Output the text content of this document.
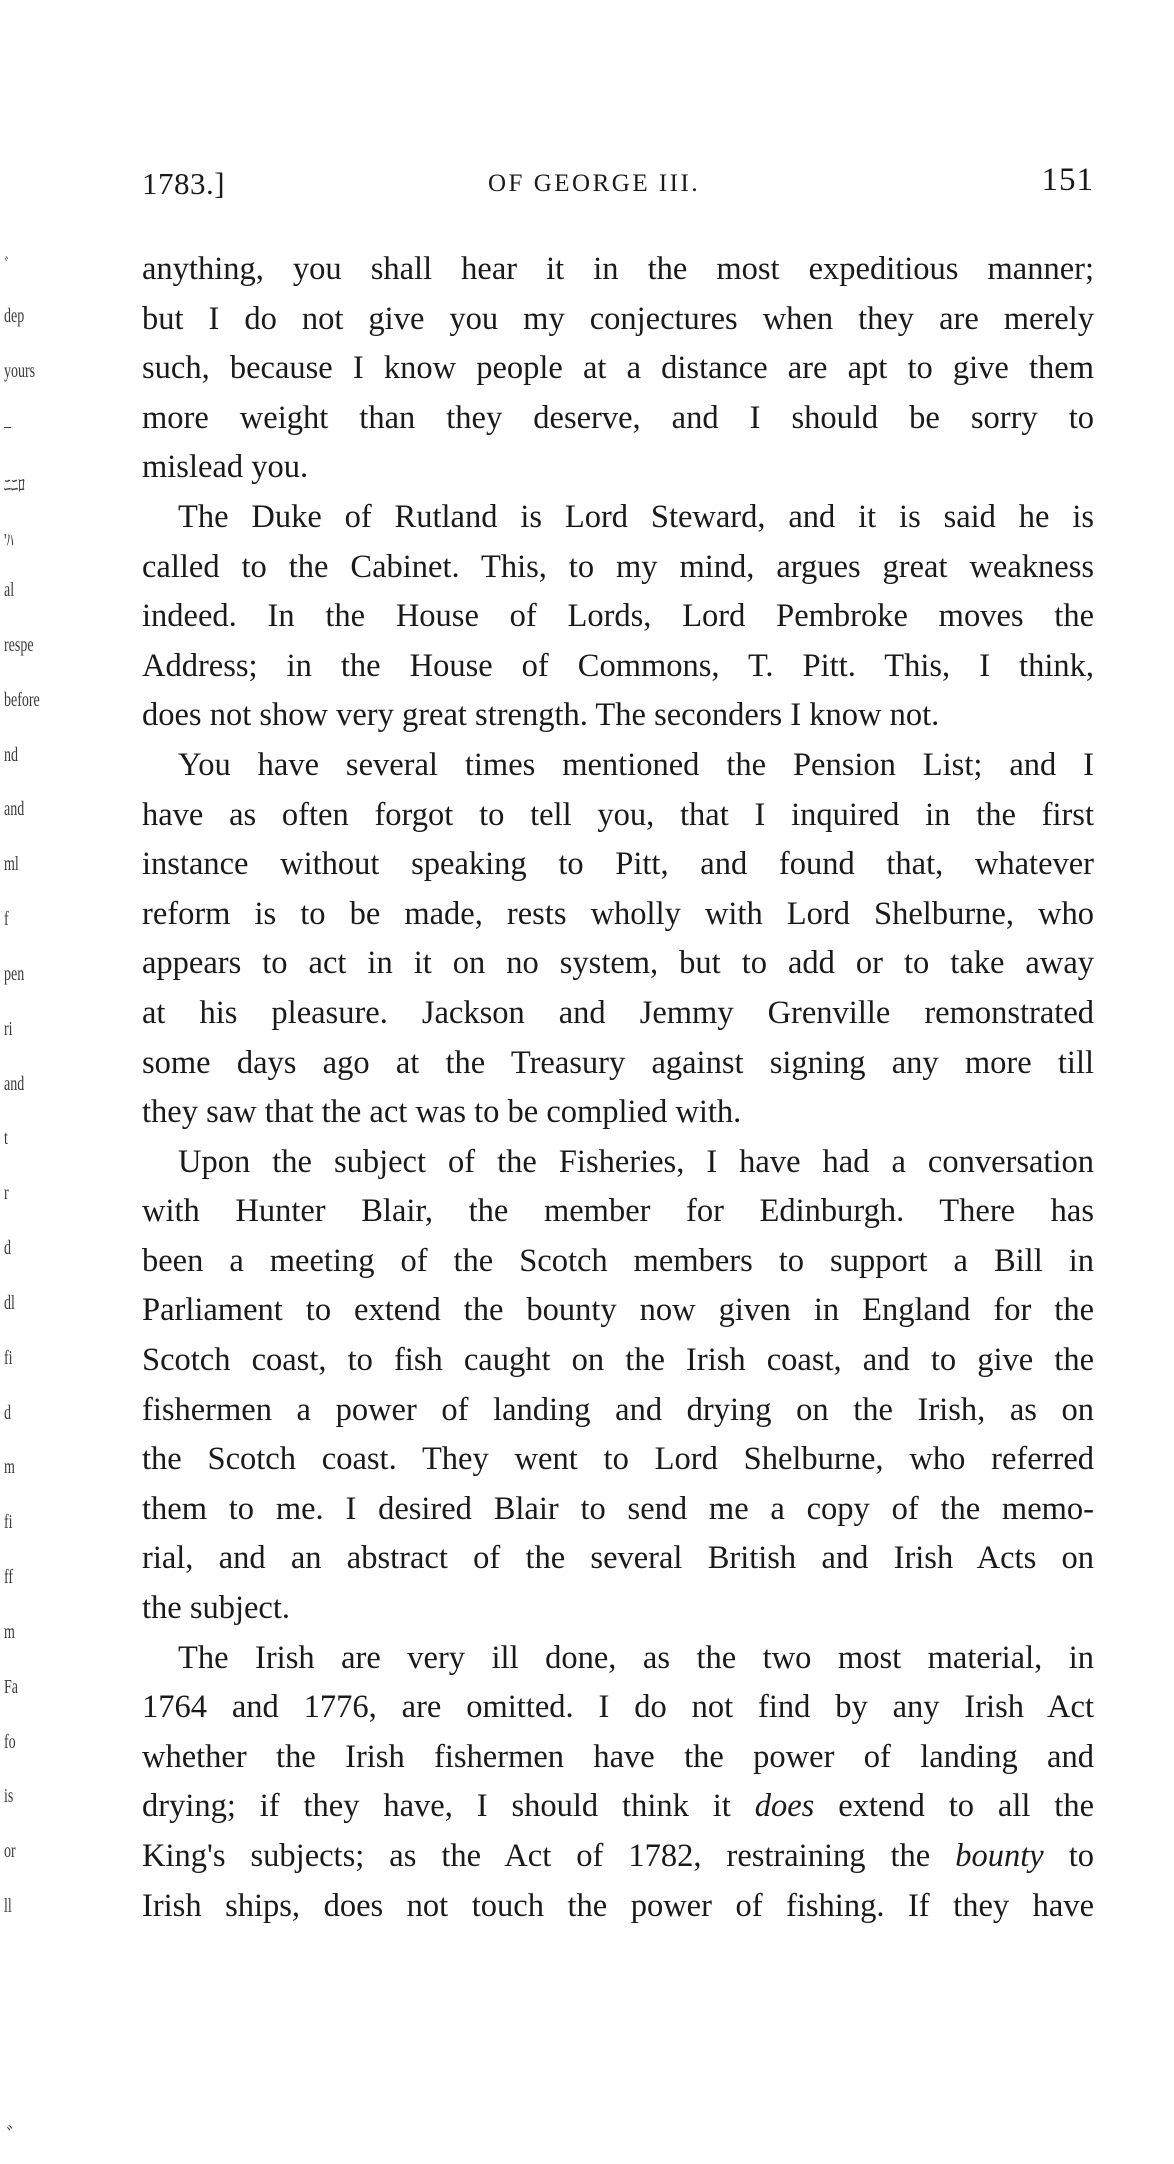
1783.]	OF GEORGE III.	151

anything, you shall hear it in the most expeditious manner;
but I do not give you my conjectures when they are merely
such, because I know people at a distance are apt to give them
more weight than they deserve, and I should be sorry to
mislead you.

The Duke of Rutland is Lord Steward, and it is said he is
called to the Cabinet. This, to my mind, argues great weakness
indeed. In the House of Lords, Lord Pembroke moves the
Address; in the House of Commons, T. Pitt. This, I think,
does not show very great strength. The seconders I know not.

You have several times mentioned the Pension List; and I
have as often forgot to tell you, that I inquired in the first
instance without speaking to Pitt, and found that, whatever
reform is to be made, rests wholly with Lord Shelburne, who
appears to act in it on no system, but to add or to take away
at his pleasure. Jackson and Jemmy Grenville remonstrated
some days ago at the Treasury against signing any more till
they saw that the act was to be complied with.

Upon the subject of the Fisheries, I have had a conversation
with Hunter Blair, the member for Edinburgh. There has
been a meeting of the Scotch members to support a Bill in
Parliament to extend the bounty now given in England for the
Scotch coast, to fish caught on the Irish coast, and to give the
fishermen a power of landing and drying on the Irish, as on
the Scotch coast. They went to Lord Shelburne, who referred
them to me. I desired Blair to send me a copy of the memo-
rial, and an abstract of the several British and Irish Acts on
the subject.

The Irish are very ill done, as the two most material, in
1764 and 1776, are omitted. I do not find by any Irish Act
whether the Irish fishermen have the power of landing and
drying; if they have, I should think it does extend to all the
King's subjects; as the Act of 1782, restraining the bounty to
Irish ships, does not touch the power of fishing. If they have

ﾞ
dep
yours
–
ﾆﾆﾛ
'ﾊ
al
respe
before
nd
and
ml
f
pen
ri
and
t
r
d
dl
fi
d
m
fi
ff
m
Fa
fo
is
or
ll
ﾞ
